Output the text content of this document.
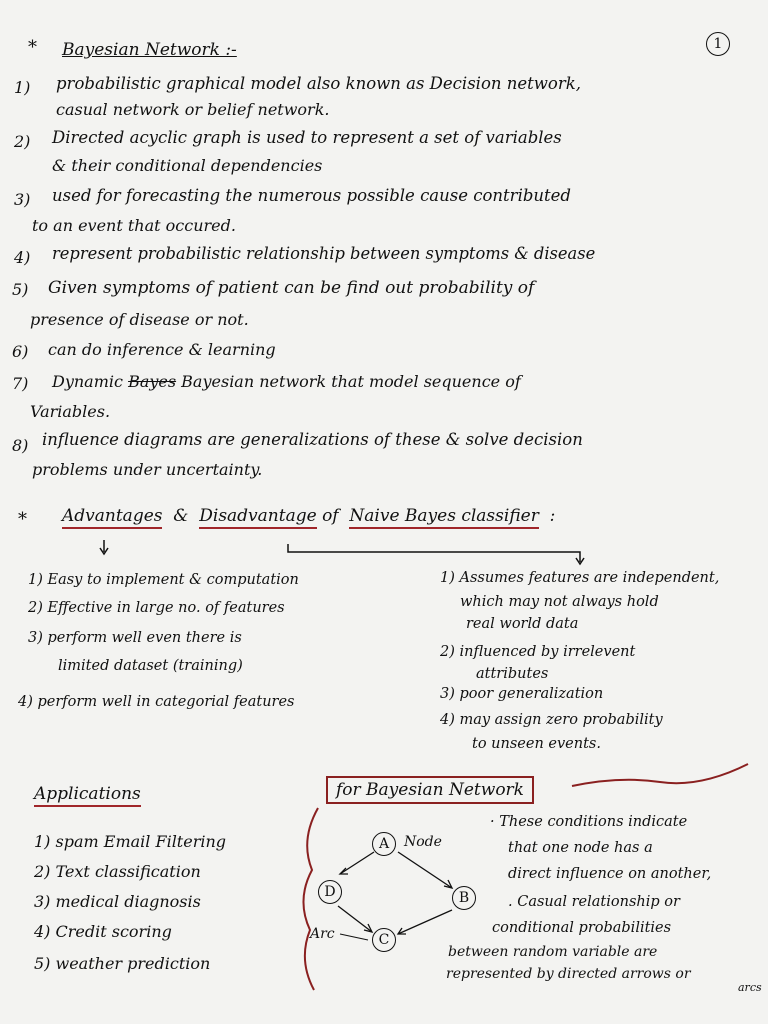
1
* Bayesian Network :-
1) probabilistic graphical model also known as Decision network,
casual network or belief network.
2) Directed acyclic graph is used to represent a set of variables
& their conditional dependencies
3) used for forecasting the numerous possible cause contributed
to an event that occured.
4) represent probabilistic relationship between symptoms & disease
5) Given symptoms of patient can be find out probability of
presence of disease or not.
6) can do inference & learning
7) Dynamic Bayes Bayesian network that model sequence of
Variables.
8) influence diagrams are generalizations of these & solve decision
problems under uncertainty.
* Advantages & Disadvantage of Naive Bayes classifier :
1) Easy to implement & computation
2) Effective in large no. of features
3) perform well even there is
limited dataset (training)
4) perform well in categorial features
1) Assumes features are independent,
which may not always hold
real world data
2) influenced by irrelevent
attributes
3) poor generalization
4) may assign zero probability
to unseen events.
Applications
1) spam Email Filtering
2) Text classification
3) medical diagnosis
4) Credit scoring
5) weather prediction
for Bayesian Network
A	Node
D	B
C
Arc
· These conditions indicate
that one node has a
direct influence on another,
. Casual relationship or
conditional probabilities
between random variable are
represented by directed arrows or
arcs
